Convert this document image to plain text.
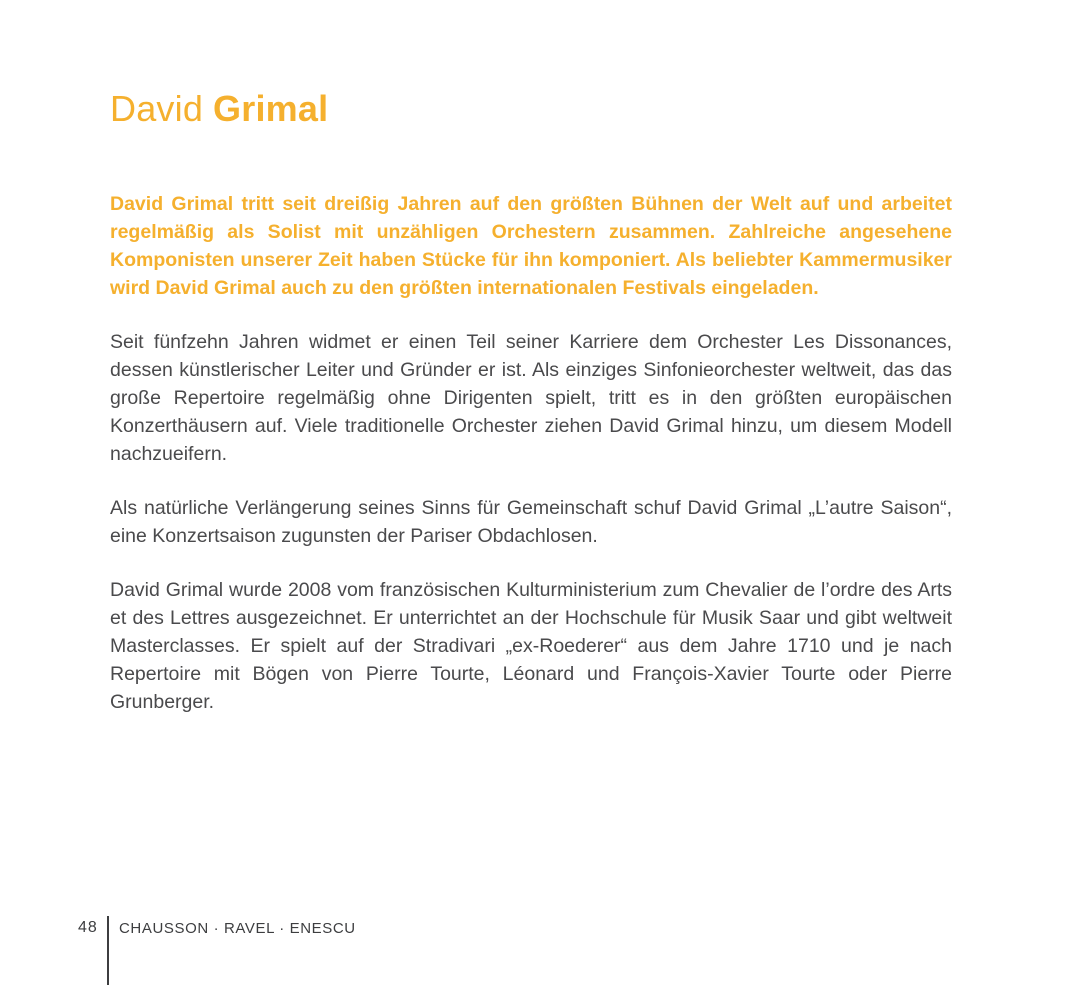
David Grimal

David Grimal tritt seit dreißig Jahren auf den größten Bühnen der Welt auf und arbeitet regelmäßig als Solist mit unzähligen Orchestern zusammen. Zahlreiche angesehene Komponisten unserer Zeit haben Stücke für ihn komponiert. Als beliebter Kammermusiker wird David Grimal auch zu den größten internationalen Festivals eingeladen.

Seit fünfzehn Jahren widmet er einen Teil seiner Karriere dem Orchester Les Dissonances, dessen künstlerischer Leiter und Gründer er ist. Als einziges Sinfonieorchester weltweit, das das große Repertoire regelmäßig ohne Dirigenten spielt, tritt es in den größten europäischen Konzerthäusern auf. Viele traditionelle Orchester ziehen David Grimal hinzu, um diesem Modell nachzueifern.

Als natürliche Verlängerung seines Sinns für Gemeinschaft schuf David Grimal „L’autre Saison“, eine Konzertsaison zugunsten der Pariser Obdachlosen.

David Grimal wurde 2008 vom französischen Kulturministerium zum Chevalier de l’ordre des Arts et des Lettres ausgezeichnet. Er unterrichtet an der Hochschule für Musik Saar und gibt weltweit Masterclasses. Er spielt auf der Stradivari „ex-Roederer“ aus dem Jahre 1710 und je nach Repertoire mit Bögen von Pierre Tourte, Léonard und François-Xavier Tourte oder Pierre Grunberger.

48 CHAUSSON · RAVEL · ENESCU
